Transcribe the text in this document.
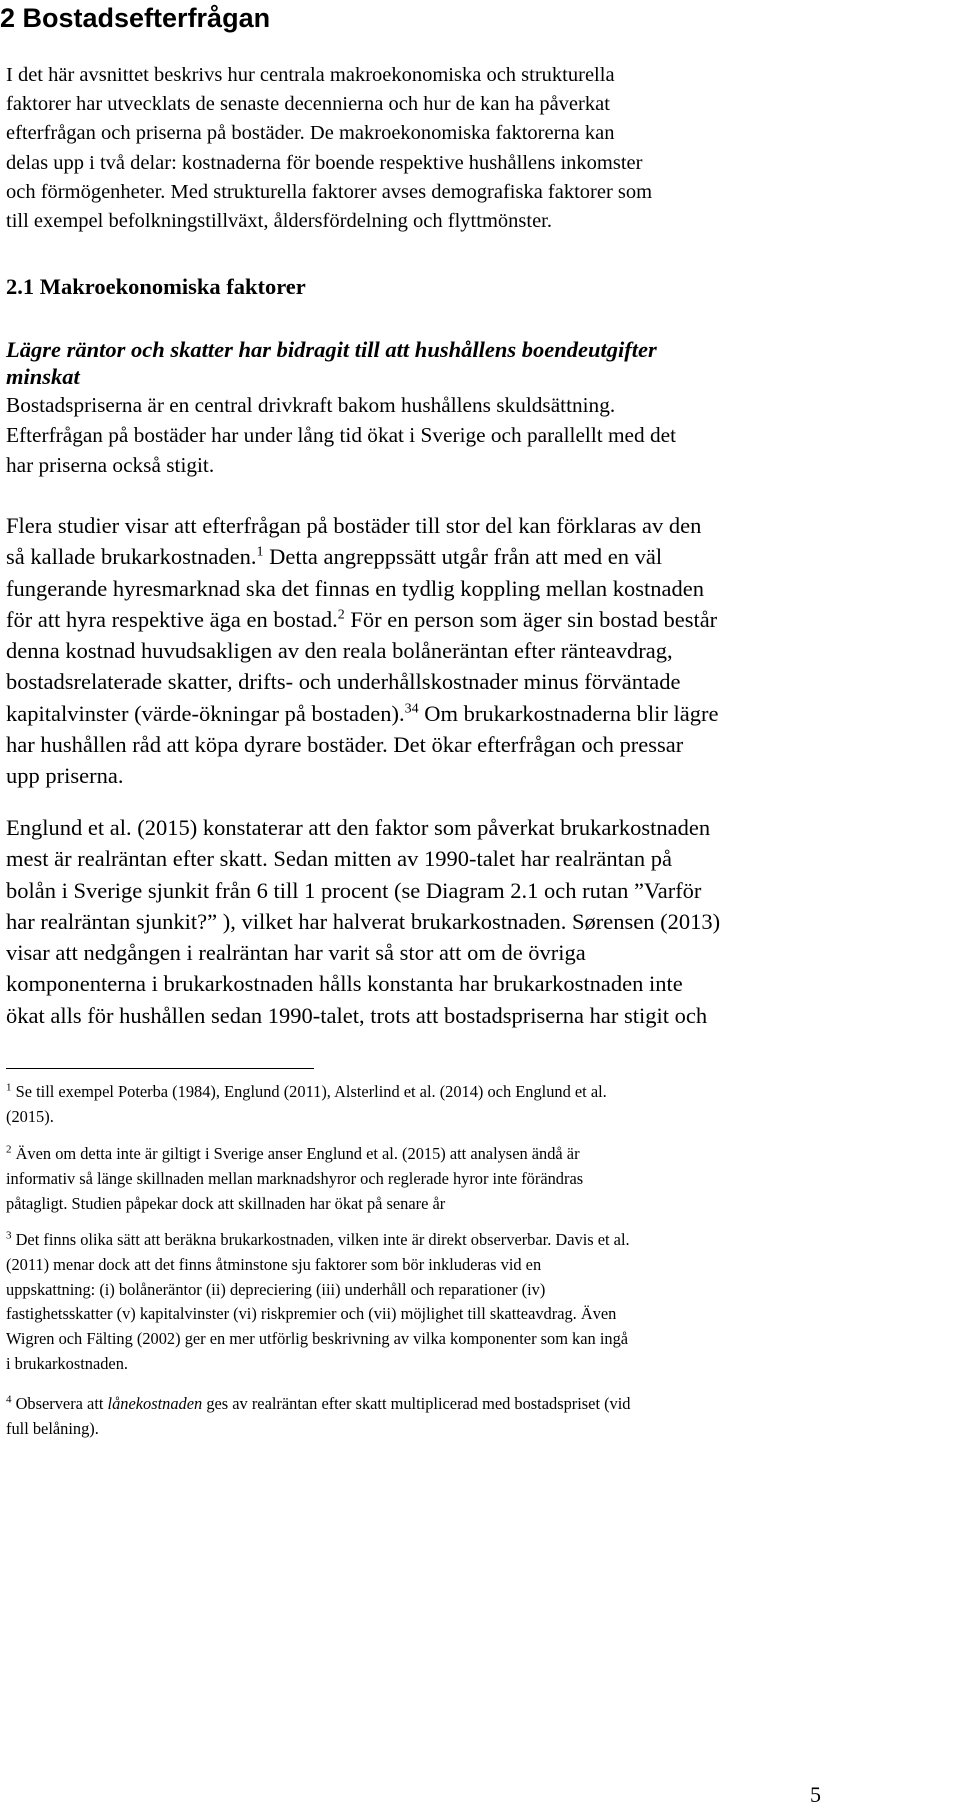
2 Bostadsefterfrågan
I det här avsnittet beskrivs hur centrala makroekonomiska och strukturella
faktorer har utvecklats de senaste decennierna och hur de kan ha påverkat
efterfrågan och priserna på bostäder. De makroekonomiska faktorerna kan
delas upp i två delar: kostnaderna för boende respektive hushållens inkomster
och förmögenheter. Med strukturella faktorer avses demografiska faktorer som
till exempel befolkningstillväxt, åldersfördelning och flyttmönster.
2.1 Makroekonomiska faktorer
Lägre räntor och skatter har bidragit till att hushållens boendeutgifter
minskat
Bostadspriserna är en central drivkraft bakom hushållens skuldsättning.
Efterfrågan på bostäder har under lång tid ökat i Sverige och parallellt med det
har priserna också stigit.
Flera studier visar att efterfrågan på bostäder till stor del kan förklaras av den
så kallade brukarkostnaden.$^1$ Detta angreppssätt utgår från att med en väl
fungerande hyresmarknad ska det finnas en tydlig koppling mellan kostnaden
för att hyra respektive äga en bostad.$^2$ För en person som äger sin bostad består
denna kostnad huvudsakligen av den reala bolåneräntan efter ränteavdrag,
bostadsrelaterade skatter, drifts- och underhållskostnader minus förväntade
kapitalvinster (värde-ökningar på bostaden).$^{34}$ Om brukarkostnaderna blir lägre
har hushållen råd att köpa dyrare bostäder. Det ökar efterfrågan och pressar
upp priserna.
Englund et al. (2015) konstaterar att den faktor som påverkat brukarkostnaden
mest är realräntan efter skatt. Sedan mitten av 1990-talet har realräntan på
bolån i Sverige sjunkit från 6 till 1 procent (se Diagram 2.1 och rutan ”Varför
har realräntan sjunkit?” ), vilket har halverat brukarkostnaden. Sørensen (2013)
visar att nedgången i realräntan har varit så stor att om de övriga
komponenterna i brukarkostnaden hålls konstanta har brukarkostnaden inte
ökat alls för hushållen sedan 1990-talet, trots att bostadspriserna har stigit och
$^1$ Se till exempel Poterba (1984), Englund (2011), Alsterlind et al. (2014) och Englund et al.
(2015).
$^2$ Även om detta inte är giltigt i Sverige anser Englund et al. (2015) att analysen ändå är
informativ så länge skillnaden mellan marknadshyror och reglerade hyror inte förändras
påtagligt. Studien påpekar dock att skillnaden har ökat på senare år
$^3$ Det finns olika sätt att beräkna brukarkostnaden, vilken inte är direkt observerbar. Davis et al.
(2011) menar dock att det finns åtminstone sju faktorer som bör inkluderas vid en
uppskattning: (i) bolåneräntor (ii) depreciering (iii) underhåll och reparationer (iv)
fastighetsskatter (v) kapitalvinster (vi) riskpremier och (vii) möjlighet till skatteavdrag. Även
Wigren och Fälting (2002) ger en mer utförlig beskrivning av vilka komponenter som kan ingå
i brukarkostnaden.
$^4$ Observera att lånekostnaden ges av realräntan efter skatt multiplicerad med bostadspriset (vid
full belåning).
5
